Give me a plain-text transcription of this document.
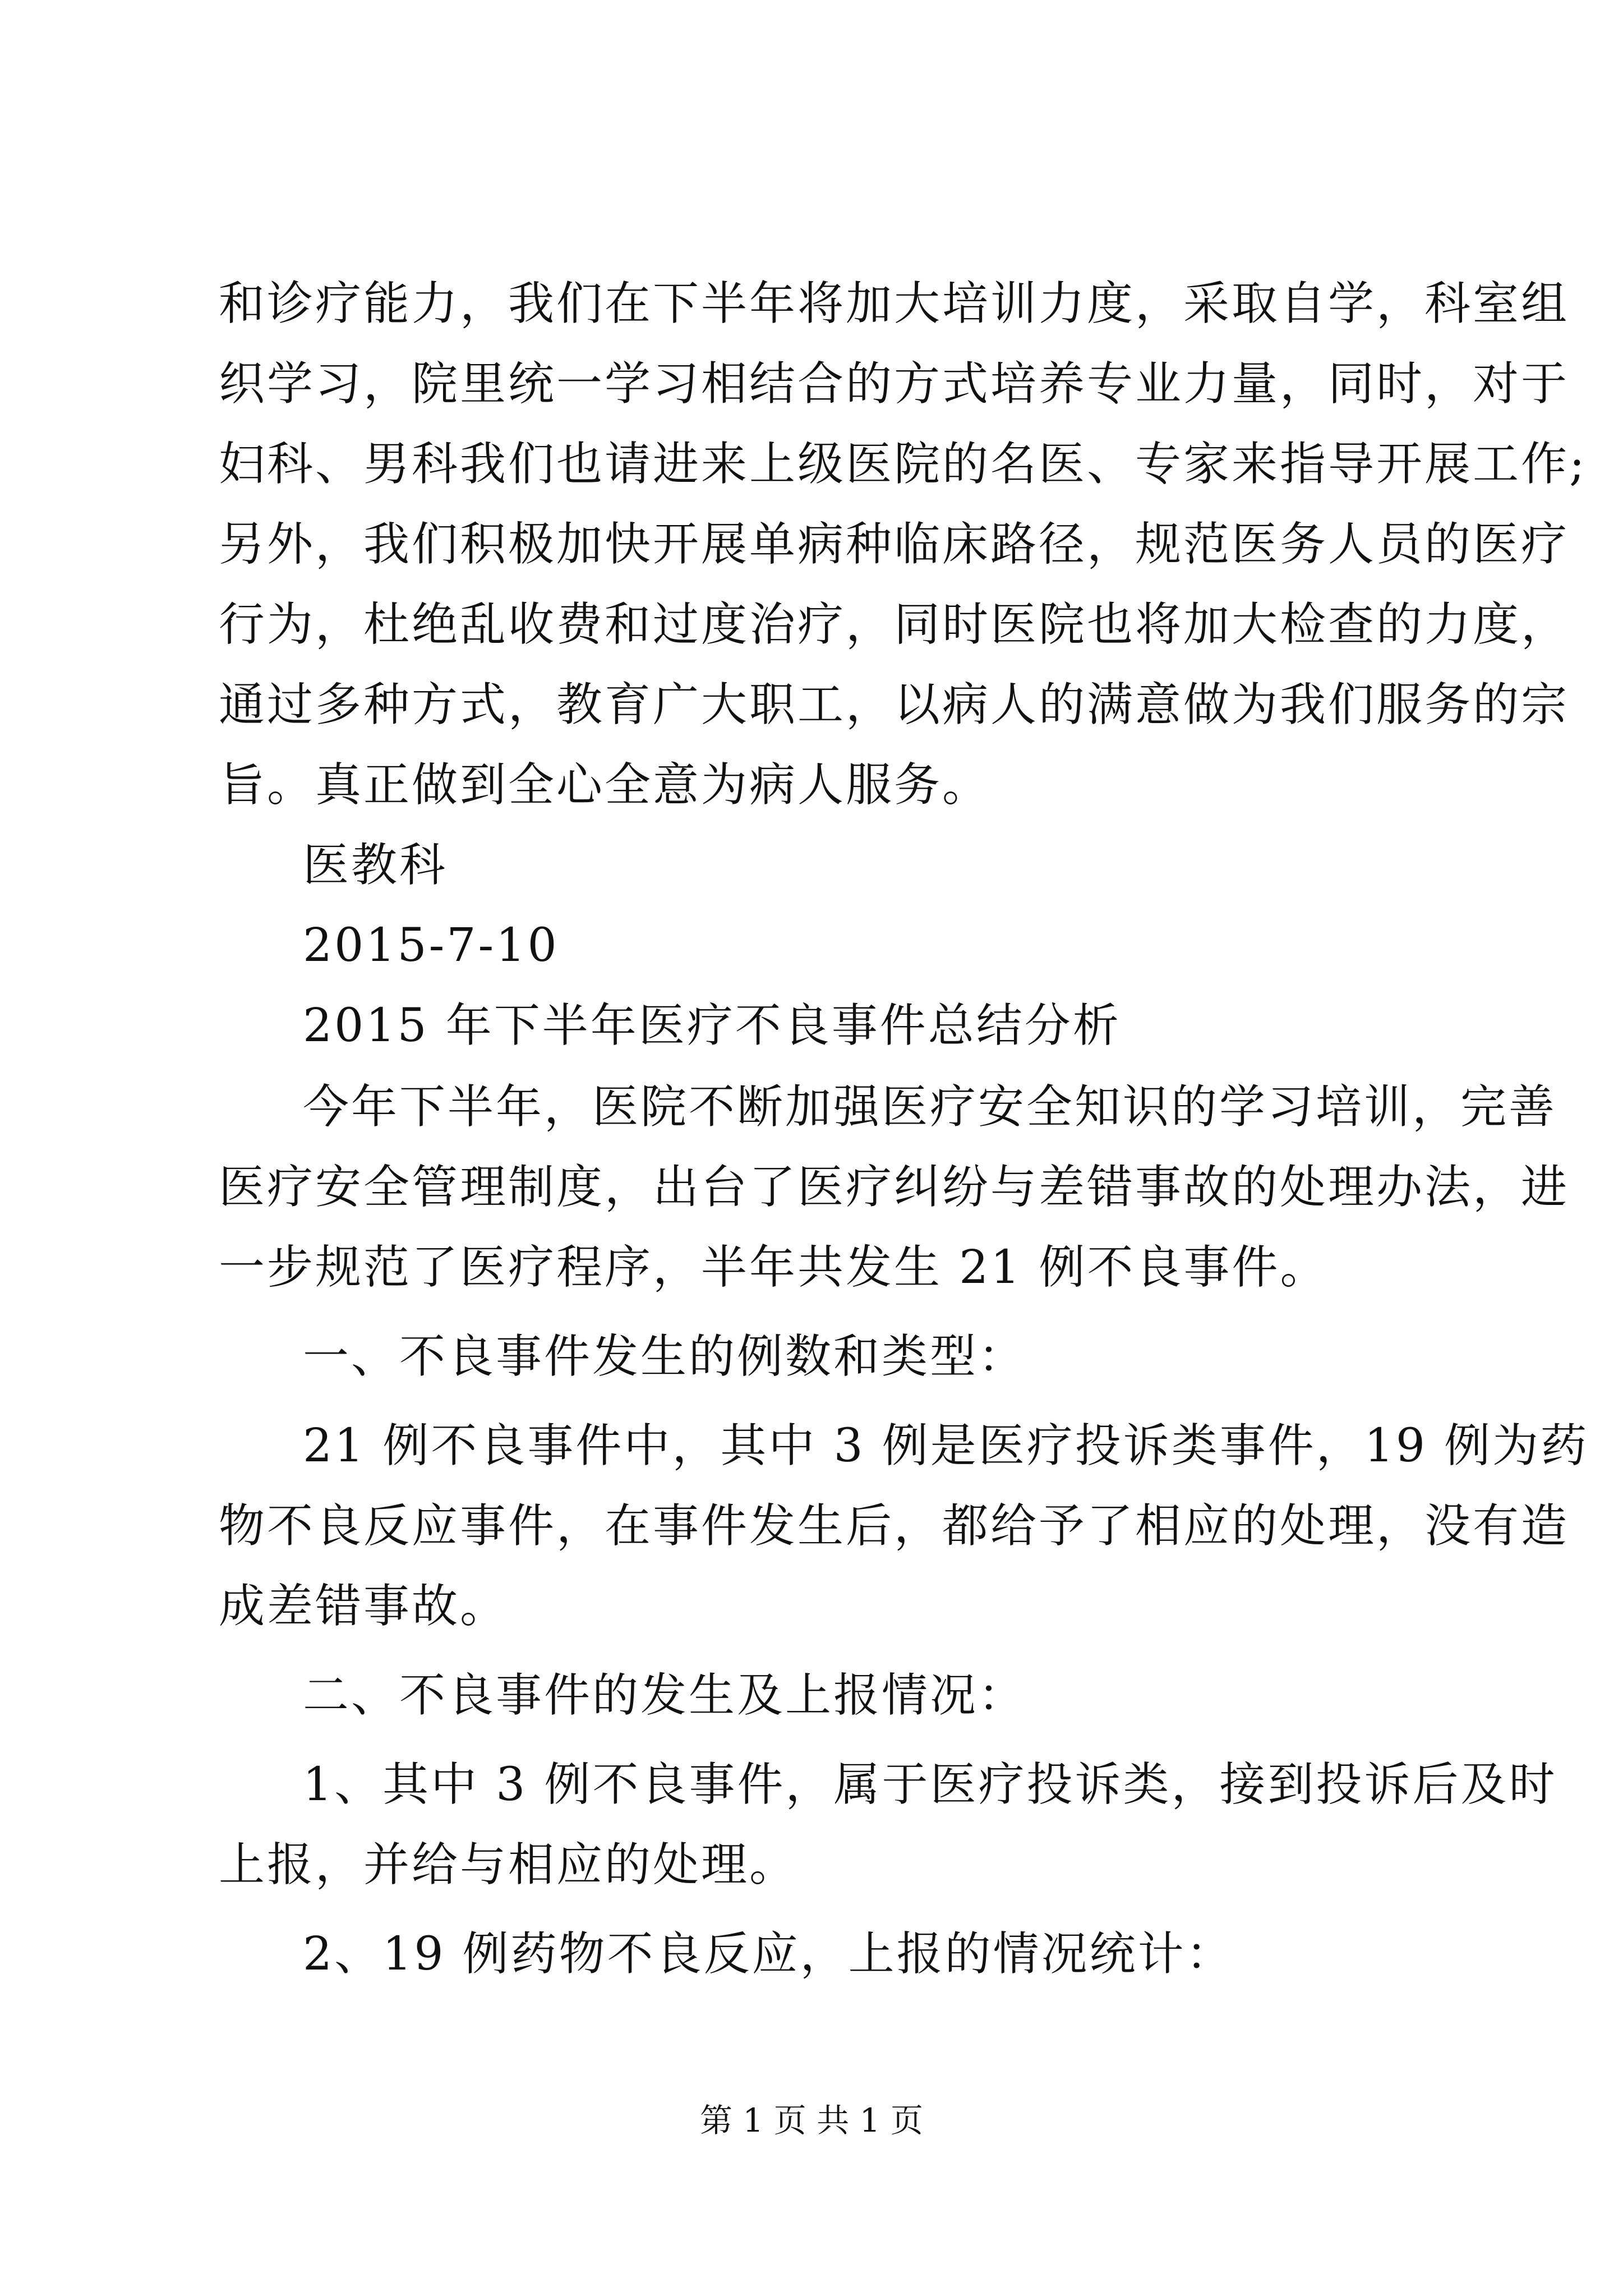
和诊疗能力，我们在下半年将加大培训力度，采取自学，科室组
织学习，院里统一学习相结合的方式培养专业力量，同时，对于
妇科、男科我们也请进来上级医院的名医、专家来指导开展工作;
另外，我们积极加快开展单病种临床路径，规范医务人员的医疗
行为，杜绝乱收费和过度治疗，同时医院也将加大检查的力度，
通过多种方式，教育广大职工，以病人的满意做为我们服务的宗
旨。真正做到全心全意为病人服务。
医教科
2015-7-10
2015 年下半年医疗不良事件总结分析
今年下半年，医院不断加强医疗安全知识的学习培训，完善
医疗安全管理制度，出台了医疗纠纷与差错事故的处理办法，进
一步规范了医疗程序，半年共发生 21 例不良事件。
一、不良事件发生的例数和类型：
21 例不良事件中，其中 3 例是医疗投诉类事件，19 例为药
物不良反应事件，在事件发生后，都给予了相应的处理，没有造
成差错事故。
二、不良事件的发生及上报情况：
1、其中 3 例不良事件，属于医疗投诉类，接到投诉后及时
上报，并给与相应的处理。
2、19 例药物不良反应，上报的情况统计：
第 1 页 共 1 页
